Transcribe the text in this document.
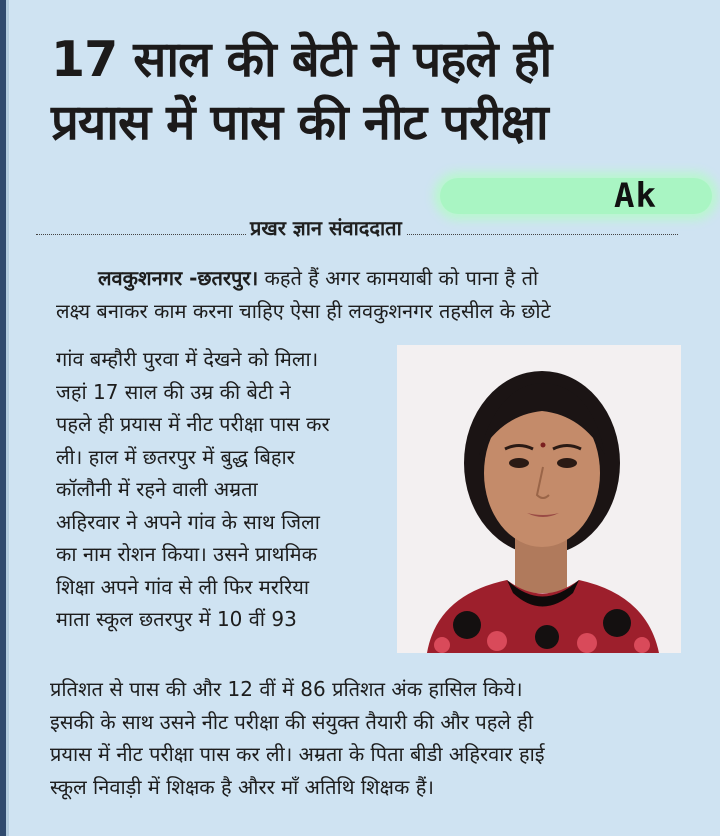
17 साल की बेटी ने पहले ही
प्रयास में पास की नीट परीक्षा
Ak
प्रखर ज्ञान संवाददाता
लवकुशनगर -छतरपुर। कहते हैं अगर कामयाबी को पाना है तो
लक्ष्य बनाकर काम करना चाहिए ऐसा ही लवकुशनगर तहसील के छोटे
गांव बम्हौरी पुरवा में देखने को मिला।
जहां 17 साल की उम्र की बेटी ने
पहले ही प्रयास में नीट परीक्षा पास कर
ली। हाल में छतरपुर में बुद्ध बिहार
कॉलौनी में रहने वाली अम्रता
अहिरवार ने अपने गांव के साथ जिला
का नाम रोशन किया। उसने प्राथमिक
शिक्षा अपने गांव से ली फिर मररिया
माता स्कूल छतरपुर में 10 वीं 93
प्रतिशत से पास की और 12 वीं में 86 प्रतिशत अंक हासिल किये।
इसकी के साथ उसने नीट परीक्षा की संयुक्त तैयारी की और पहले ही
प्रयास में नीट परीक्षा पास कर ली। अम्रता के पिता बीडी अहिरवार हाई
स्कूल निवाड़ी में शिक्षक है औरर माँ अतिथि शिक्षक हैं।
